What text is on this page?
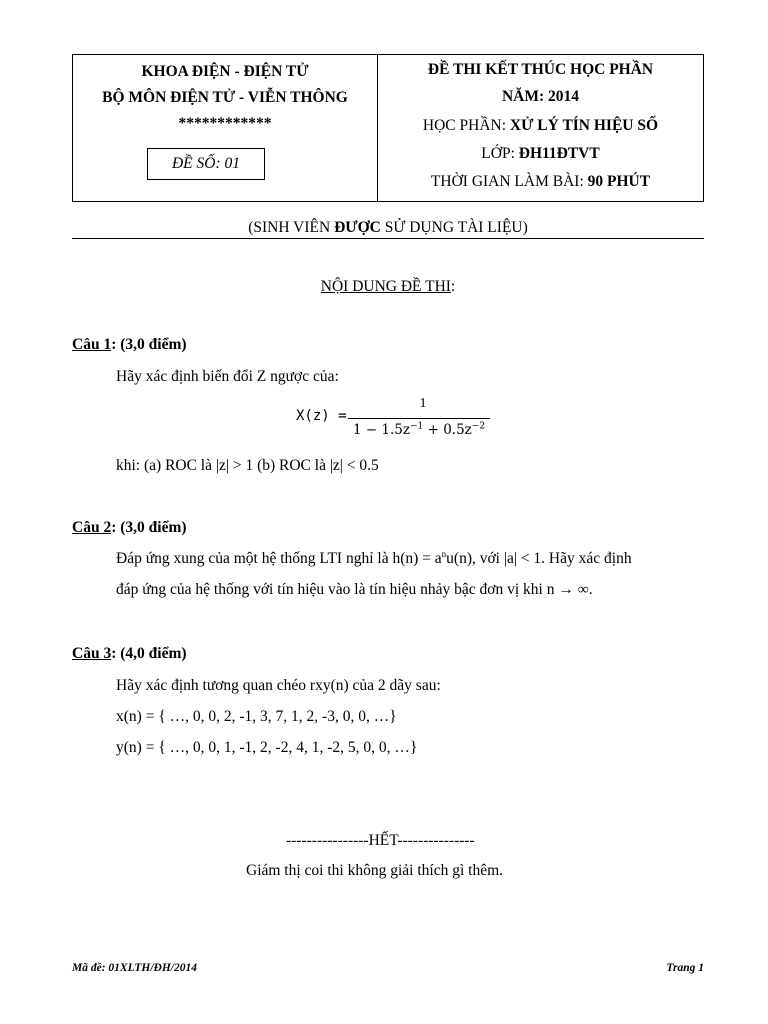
KHOA ĐIỆN - ĐIỆN TỬ
BỘ MÔN ĐIỆN TỬ - VIỄN THÔNG
************
ĐỀ SỐ: 01
ĐỀ THI KẾT THÚC HỌC PHẦN
NĂM: 2014
HỌC PHẦN: XỬ LÝ TÍN HIỆU SỐ
LỚP: ĐH11ĐTVT
THỜI GIAN LÀM BÀI: 90 PHÚT
(SINH VIÊN ĐƯỢC SỬ DỤNG TÀI LIỆU)
NỘI DUNG ĐỀ THI:
Câu 1: (3,0 điểm)
Hãy xác định biến đổi Z ngược của:
X(z) =
1
$1 - 1.5z^{-1} + 0.5z^{-2}$
khi: (a) ROC là |z| > 1 (b) ROC là |z| < 0.5
Câu 2: (3,0 điểm)
Đáp ứng xung của một hệ thống LTI nghỉ là $h(n) = a^nu(n)$, với |a| < 1. Hãy xác định
đáp ứng của hệ thống với tín hiệu vào là tín hiệu nhảy bậc đơn vị khi n → ∞.
Câu 3: (4,0 điểm)
Hãy xác định tương quan chéo rxy(n) của 2 dãy sau:
x(n) = { …, 0, 0, 2, -1, 3, 7, 1, 2, -3, 0, 0, …}
y(n) = { …, 0, 0, 1, -1, 2, -2, 4, 1, -2, 5, 0, 0, …}
----------------HẾT---------------
Giám thị coi thi không giải thích gì thêm.
Mã đề: 01XLTH/ĐH/2014	Trang 1
